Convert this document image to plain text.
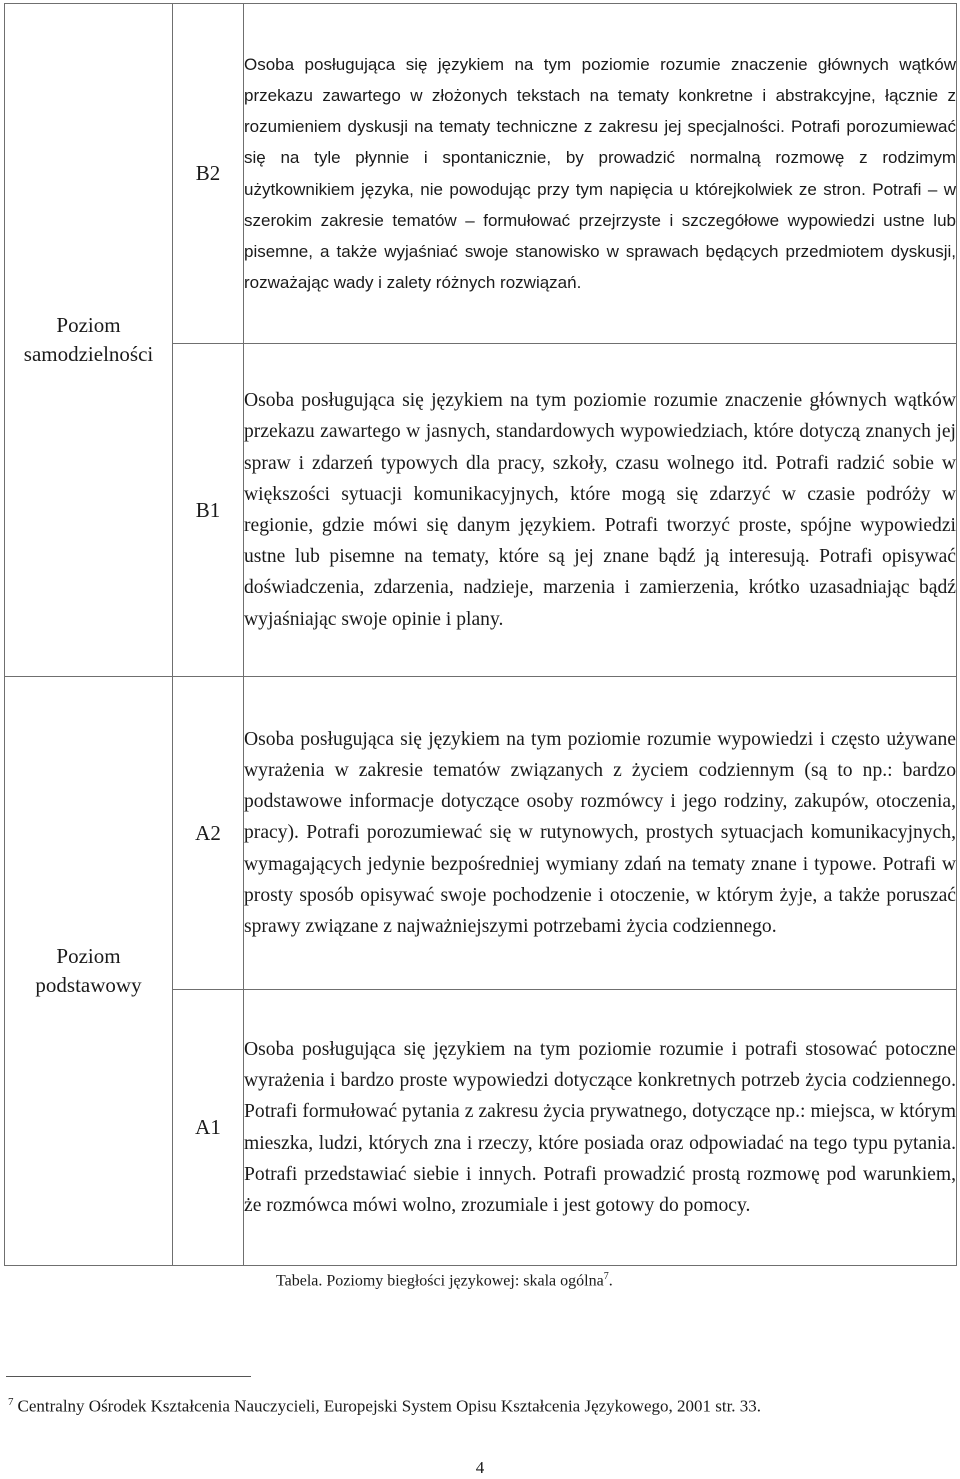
Poziom
samodzielności	B2	Osoba posługująca się językiem na tym poziomie rozumie znaczenie głównych wątków przekazu zawartego w złożonych tekstach na tematy konkretne i abstrakcyjne, łącznie z rozumieniem dyskusji na tematy techniczne z zakresu jej specjalności. Potrafi porozumiewać się na tyle płynnie i spontanicznie, by prowadzić normalną rozmowę z rodzimym użytkownikiem języka, nie powodując przy tym napięcia u którejkolwiek ze stron. Potrafi – w szerokim zakresie tematów – formułować przejrzyste i szczegółowe wypowiedzi ustne lub pisemne, a także wyjaśniać swoje stanowisko w sprawach będących przedmiotem dyskusji, rozważając wady i zalety różnych rozwiązań.
	B1	Osoba posługująca się językiem na tym poziomie rozumie znaczenie głównych wątków przekazu zawartego w jasnych, standardowych wypowiedziach, które dotyczą znanych jej spraw i zdarzeń typowych dla pracy, szkoły, czasu wolnego itd. Potrafi radzić sobie w większości sytuacji komunikacyjnych, które mogą się zdarzyć w czasie podróży w regionie, gdzie mówi się danym językiem. Potrafi tworzyć proste, spójne wypowiedzi ustne lub pisemne na tematy, które są jej znane bądź ją interesują. Potrafi opisywać doświadczenia, zdarzenia, nadzieje, marzenia i zamierzenia, krótko uzasadniając bądź wyjaśniając swoje opinie i plany.
Poziom
podstawowy	A2	Osoba posługująca się językiem na tym poziomie rozumie wypowiedzi i często używane wyrażenia w zakresie tematów związanych z życiem codziennym (są to np.: bardzo podstawowe informacje dotyczące osoby rozmówcy i jego rodziny, zakupów, otoczenia, pracy). Potrafi porozumiewać się w rutynowych, prostych sytuacjach komunikacyjnych, wymagających jedynie bezpośredniej wymiany zdań na tematy znane i typowe. Potrafi w prosty sposób opisywać swoje pochodzenie i otoczenie, w którym żyje, a także poruszać sprawy związane z najważniejszymi potrzebami życia codziennego.
	A1	Osoba posługująca się językiem na tym poziomie rozumie i potrafi stosować potoczne wyrażenia i bardzo proste wypowiedzi dotyczące konkretnych potrzeb życia codziennego. Potrafi formułować pytania z zakresu życia prywatnego, dotyczące np.: miejsca, w którym mieszka, ludzi, których zna i rzeczy, które posiada oraz odpowiadać na tego typu pytania. Potrafi przedstawiać siebie i innych. Potrafi prowadzić prostą rozmowę pod warunkiem, że rozmówca mówi wolno, zrozumiale i jest gotowy do pomocy.
Tabela. Poziomy biegłości językowej: skala ogólna$^7$.
$^7$ Centralny Ośrodek Kształcenia Nauczycieli, Europejski System Opisu Kształcenia Językowego, 2001 str. 33.
4
